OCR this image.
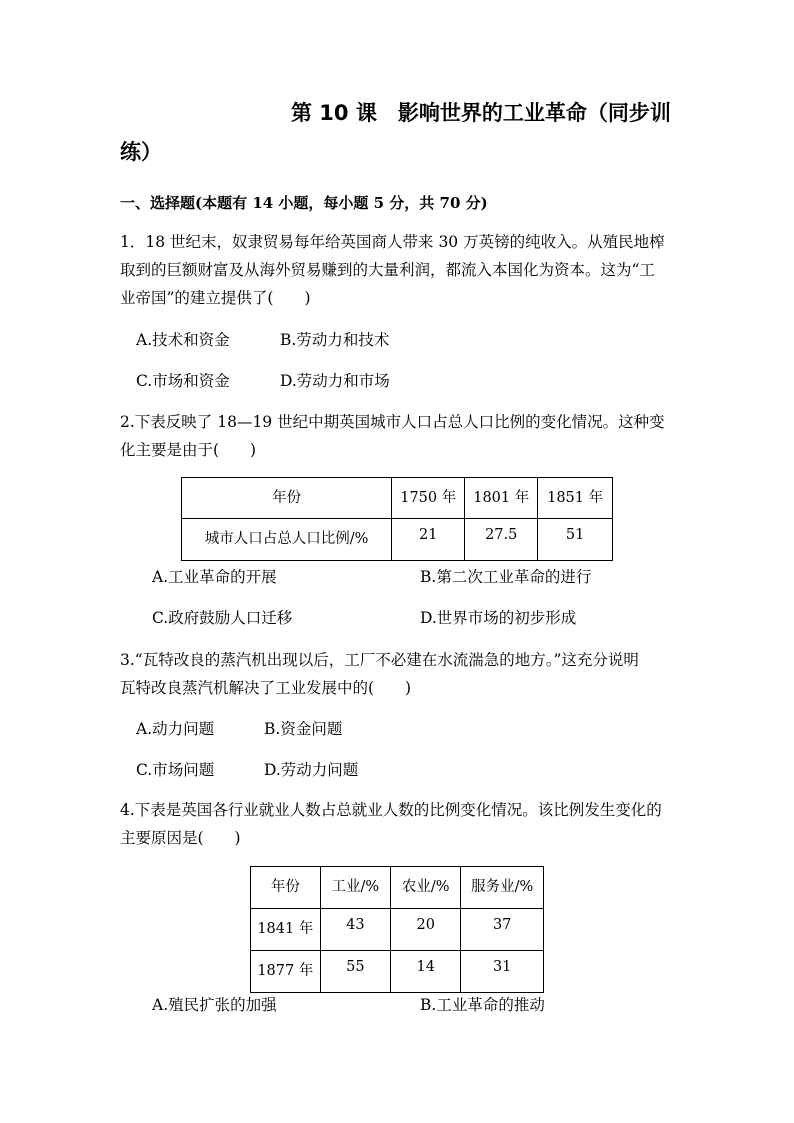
第 10 课　影响世界的工业革命（同步训
练）
一、选择题(本题有 14 小题，每小题 5 分，共 70 分)
1．18 世纪末，奴隶贸易每年给英国商人带来 30 万英镑的纯收入。从殖民地榨
取到的巨额财富及从海外贸易赚到的大量利润，都流入本国化为资本。这为“工
业帝国”的建立提供了(　　)
A.技术和资金	B.劳动力和技术
C.市场和资金	D.劳动力和市场
2.下表反映了 18—19 世纪中期英国城市人口占总人口比例的变化情况。这种变
化主要是由于(　　)
年份	1750 年	1801 年	1851 年
城市人口占总人口比例/%	21	27.5	51
A.工业革命的开展	B.第二次工业革命的进行
C.政府鼓励人口迁移	D.世界市场的初步形成
3.“瓦特改良的蒸汽机出现以后，工厂不必建在水流湍急的地方。”这充分说明
瓦特改良蒸汽机解决了工业发展中的(　　)
A.动力问题	B.资金问题
C.市场问题	D.劳动力问题
4.下表是英国各行业就业人数占总就业人数的比例变化情况。该比例发生变化的
主要原因是(　　)
年份	工业/%	农业/%	服务业/%
1841 年	43	20	37
1877 年	55	14	31
A.殖民扩张的加强	B.工业革命的推动
